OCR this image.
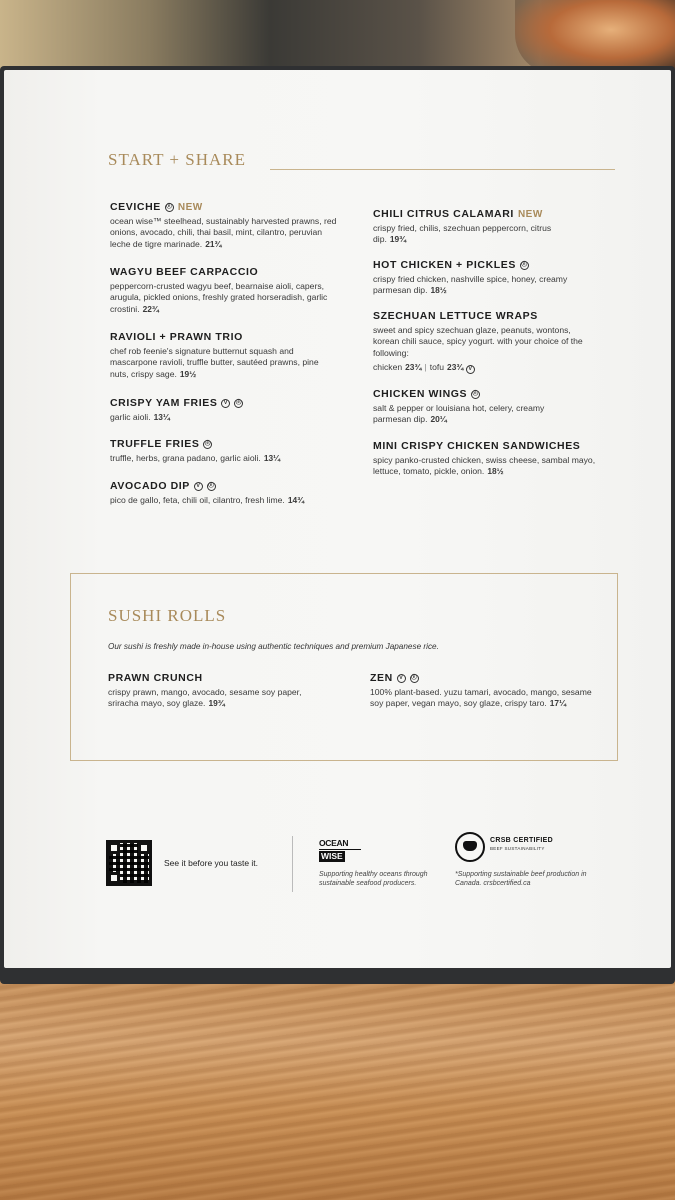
START + SHARE
CEVICHE ⓔ NEW
ocean wise™ steelhead, sustainably harvested prawns, red onions, avocado, chili, thai basil, mint, cilantro, peruvian leche de tigre marinade. 21¾
WAGYU BEEF CARPACCIO
peppercorn-crusted wagyu beef, bearnaise aioli, capers, arugula, pickled onions, freshly grated horseradish, garlic crostini. 22¾
RAVIOLI + PRAWN TRIO
chef rob feenie's signature butternut squash and mascarpone ravioli, truffle butter, sautéed prawns, pine nuts, crispy sage. 19½
CRISPY YAM FRIES	V	ⓔ
garlic aioli. 13¼
TRUFFLE FRIES ⓔ
truffle, herbs, grana padano, garlic aioli. 13¼
AVOCADO DIP	V	ⓔ
pico de gallo, feta, chili oil, cilantro, fresh lime. 14¾
CHILI CITRUS CALAMARI NEW
crispy fried, chilis, szechuan peppercorn, citrus dip. 19¾
HOT CHICKEN + PICKLES ⓔ
crispy fried chicken, nashville spice, honey, creamy parmesan dip. 18½
SZECHUAN LETTUCE WRAPS
sweet and spicy szechuan glaze, peanuts, wontons, korean chili sauce, spicy yogurt. with your choice of the following:
chicken 23¾ | tofu 23¾ V
CHICKEN WINGS ⓔ
salt & pepper or louisiana hot, celery, creamy parmesan dip. 20¼
MINI CRISPY CHICKEN SANDWICHES
spicy panko-crusted chicken, swiss cheese, sambal mayo, lettuce, tomato, pickle, onion. 18½
SUSHI ROLLS
Our sushi is freshly made in-house using authentic techniques and premium Japanese rice.
PRAWN CRUNCH
crispy prawn, mango, avocado, sesame soy paper, sriracha mayo, soy glaze. 19¾
ZEN	V	ⓔ
100% plant-based. yuzu tamari, avocado, mango, sesame soy paper, vegan mayo, soy glaze, crispy taro. 17¼
See it before you taste it.
OCEAN
WISE
Supporting healthy oceans through sustainable seafood producers.
CRSB CERTIFIED
BEEF SUSTAINABILITY
*Supporting sustainable beef production in Canada. crsbcertified.ca
